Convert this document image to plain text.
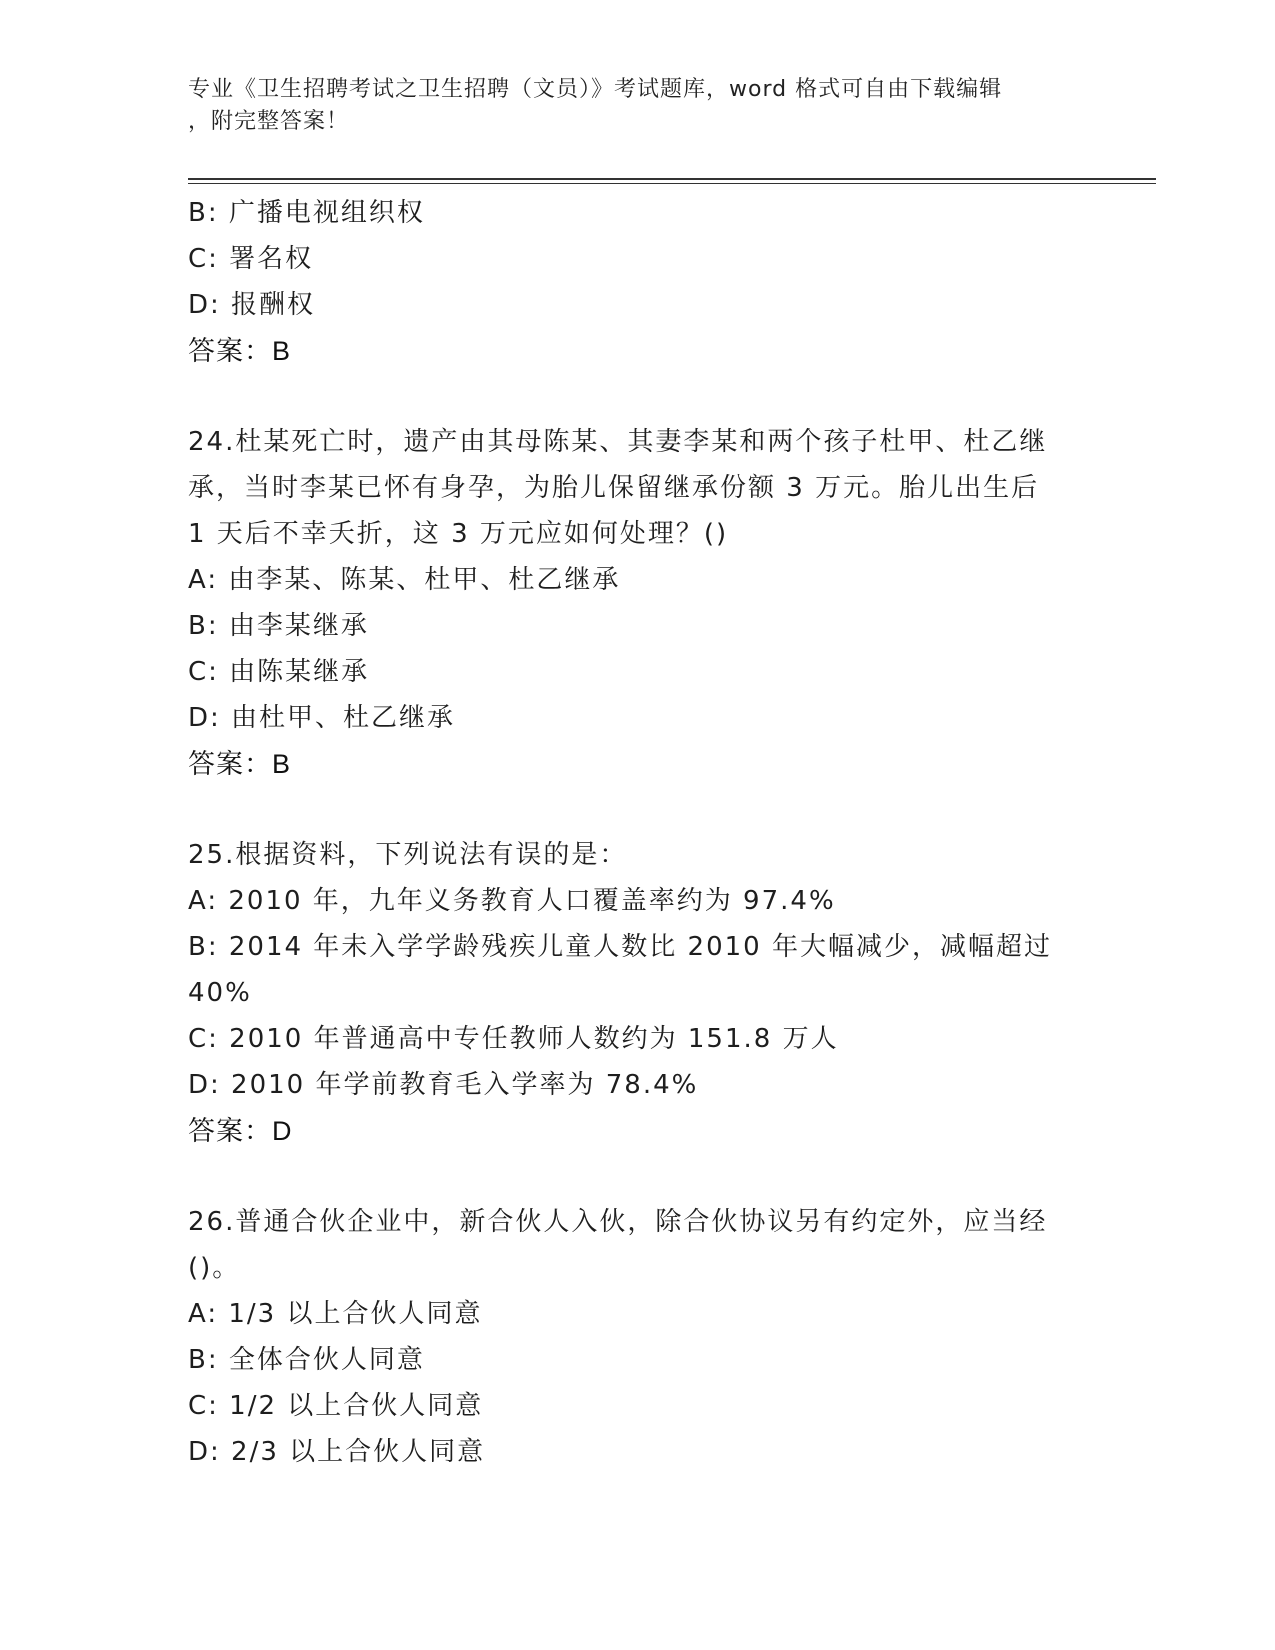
专业《卫生招聘考试之卫生招聘（文员）》考试题库，word 格式可自由下载编辑
，附完整答案！
B: 广播电视组织权
C: 署名权
D: 报酬权
答案：B
24.杜某死亡时，遗产由其母陈某、其妻李某和两个孩子杜甲、杜乙继
承，当时李某已怀有身孕，为胎儿保留继承份额 3 万元。胎儿出生后
1 天后不幸夭折，这 3 万元应如何处理？()
A: 由李某、陈某、杜甲、杜乙继承
B: 由李某继承
C: 由陈某继承
D: 由杜甲、杜乙继承
答案：B
25.根据资料，下列说法有误的是：
A: 2010 年，九年义务教育人口覆盖率约为 97.4%
B: 2014 年未入学学龄残疾儿童人数比 2010 年大幅减少，减幅超过
40%
C: 2010 年普通高中专任教师人数约为 151.8 万人
D: 2010 年学前教育毛入学率为 78.4%
答案：D
26.普通合伙企业中，新合伙人入伙，除合伙协议另有约定外，应当经
()。
A: 1/3 以上合伙人同意
B: 全体合伙人同意
C: 1/2 以上合伙人同意
D: 2/3 以上合伙人同意
